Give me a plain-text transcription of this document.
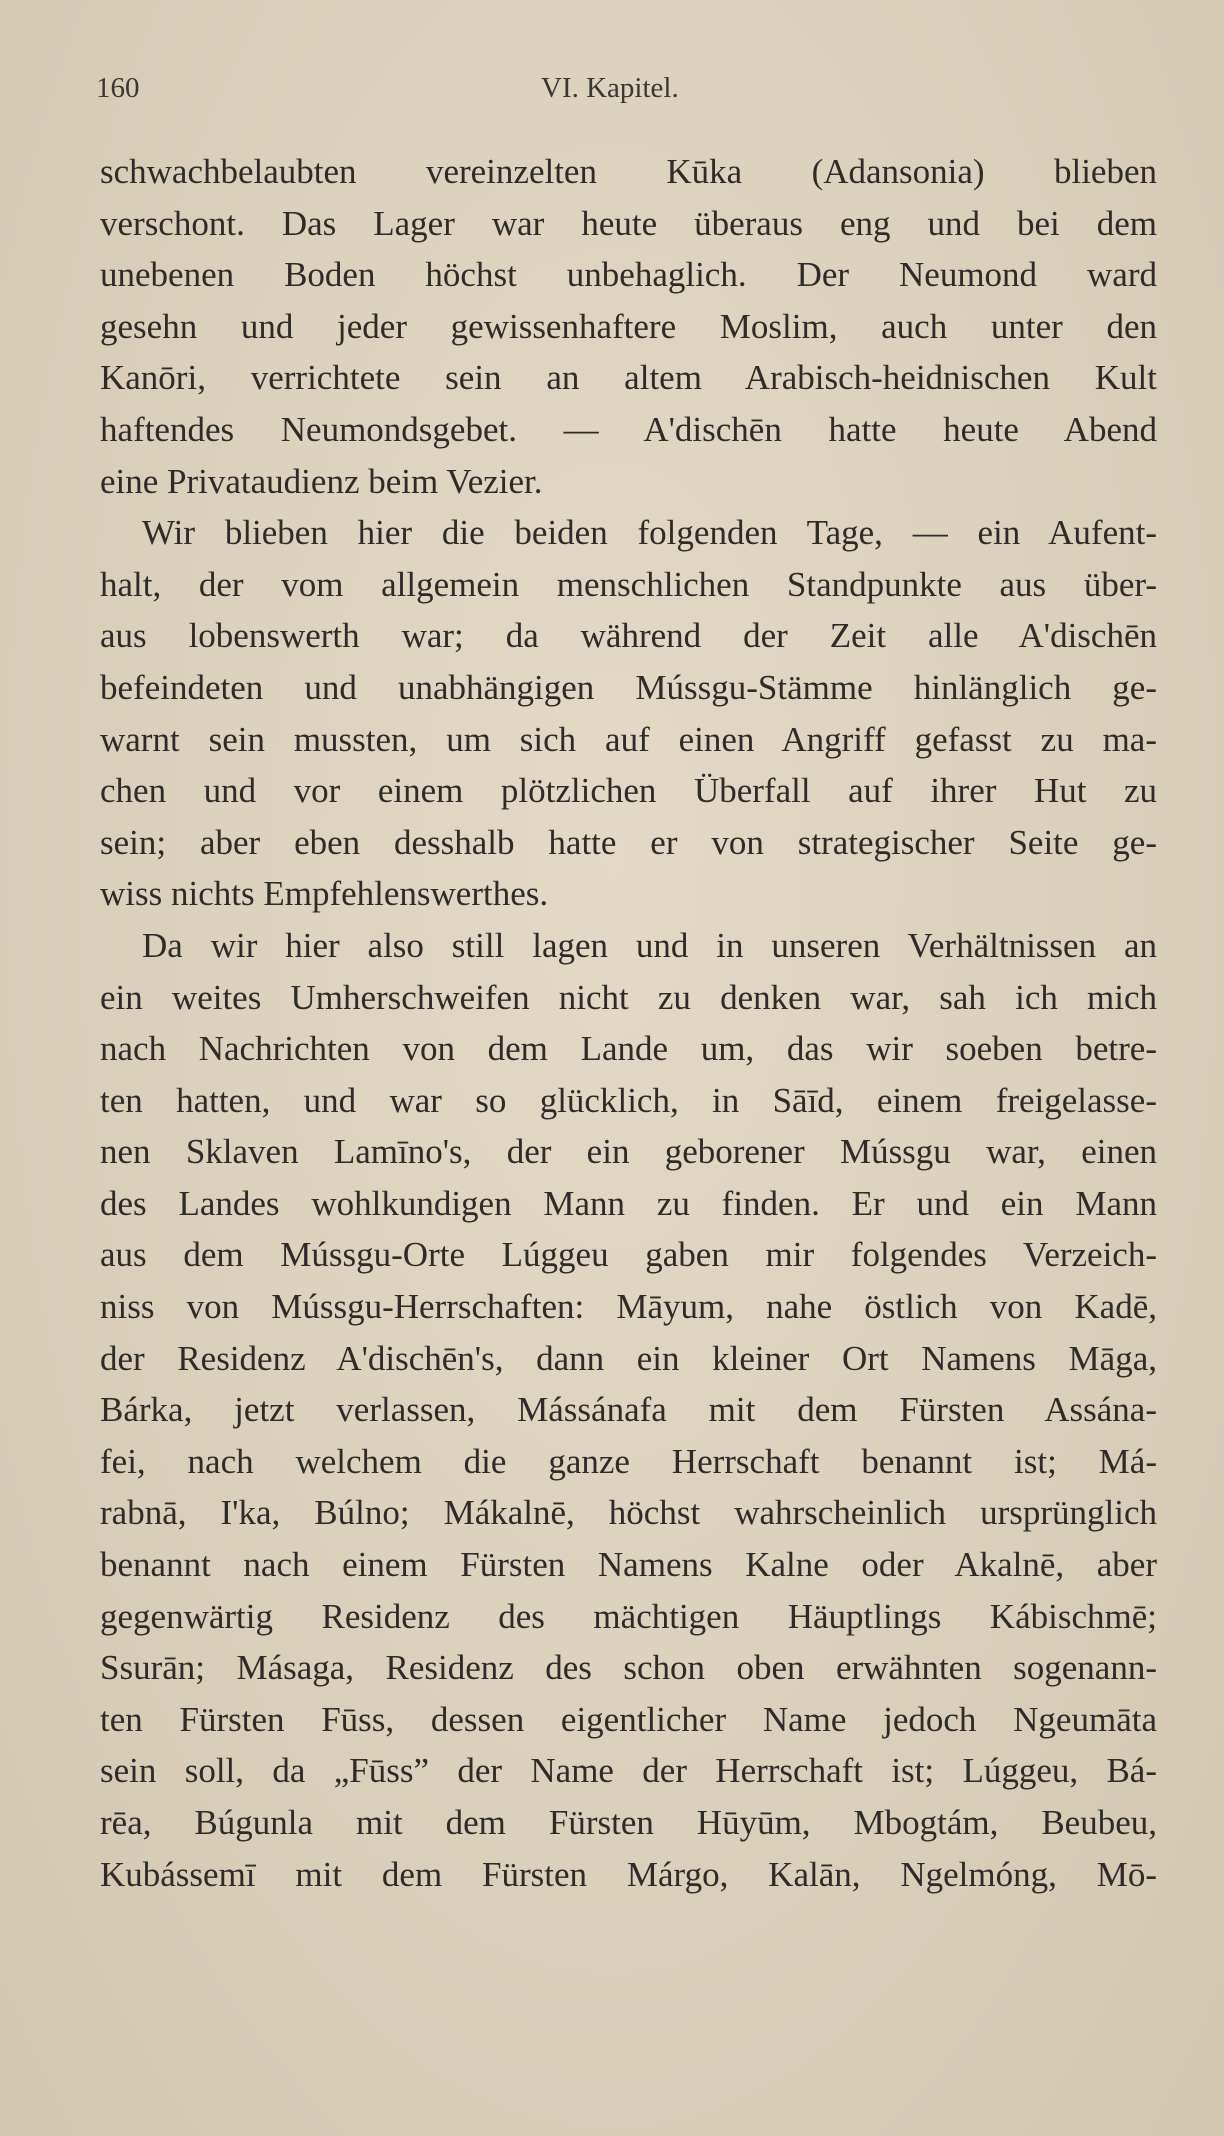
160	VI. Kapitel.
schwachbelaubten vereinzelten Kūka (Adansonia) blieben
verschont. Das Lager war heute überaus eng und bei dem
unebenen Boden höchst unbehaglich. Der Neumond ward
gesehn und jeder gewissenhaftere Moslim, auch unter den
Kanōri, verrichtete sein an altem Arabisch-heidnischen Kult
haftendes Neumondsgebet. — A'dischēn hatte heute Abend
eine Privataudienz beim Vezier.
Wir blieben hier die beiden folgenden Tage, — ein Aufent-
halt, der vom allgemein menschlichen Standpunkte aus über-
aus lobenswerth war; da während der Zeit alle A'dischēn
befeindeten und unabhängigen Mússgu-Stämme hinlänglich ge-
warnt sein mussten, um sich auf einen Angriff gefasst zu ma-
chen und vor einem plötzlichen Überfall auf ihrer Hut zu
sein; aber eben desshalb hatte er von strategischer Seite ge-
wiss nichts Empfehlenswerthes.
Da wir hier also still lagen und in unseren Verhältnissen an
ein weites Umherschweifen nicht zu denken war, sah ich mich
nach Nachrichten von dem Lande um, das wir soeben betre-
ten hatten, und war so glücklich, in Sāīd, einem freigelasse-
nen Sklaven Lamīno's, der ein geborener Mússgu war, einen
des Landes wohlkundigen Mann zu finden. Er und ein Mann
aus dem Mússgu-Orte Lúggeu gaben mir folgendes Verzeich-
niss von Mússgu-Herrschaften: Māyum, nahe östlich von Kadē,
der Residenz A'dischēn's, dann ein kleiner Ort Namens Māga,
Bárka, jetzt verlassen, Mássánafa mit dem Fürsten Assána-
fei, nach welchem die ganze Herrschaft benannt ist; Má-
rabnā, I'ka, Búlno; Mákalnē, höchst wahrscheinlich ursprünglich
benannt nach einem Fürsten Namens Kalne oder Akalnē, aber
gegenwärtig Residenz des mächtigen Häuptlings Kábischmē;
Ssurān; Másaga, Residenz des schon oben erwähnten sogenann-
ten Fürsten Fūss, dessen eigentlicher Name jedoch Ngeumāta
sein soll, da „Fūss” der Name der Herrschaft ist; Lúggeu, Bá-
rēa, Búgunla mit dem Fürsten Hūyūm, Mbogtám, Beubeu,
Kubássemī mit dem Fürsten Márgo, Kalān, Ngelmóng, Mō-
